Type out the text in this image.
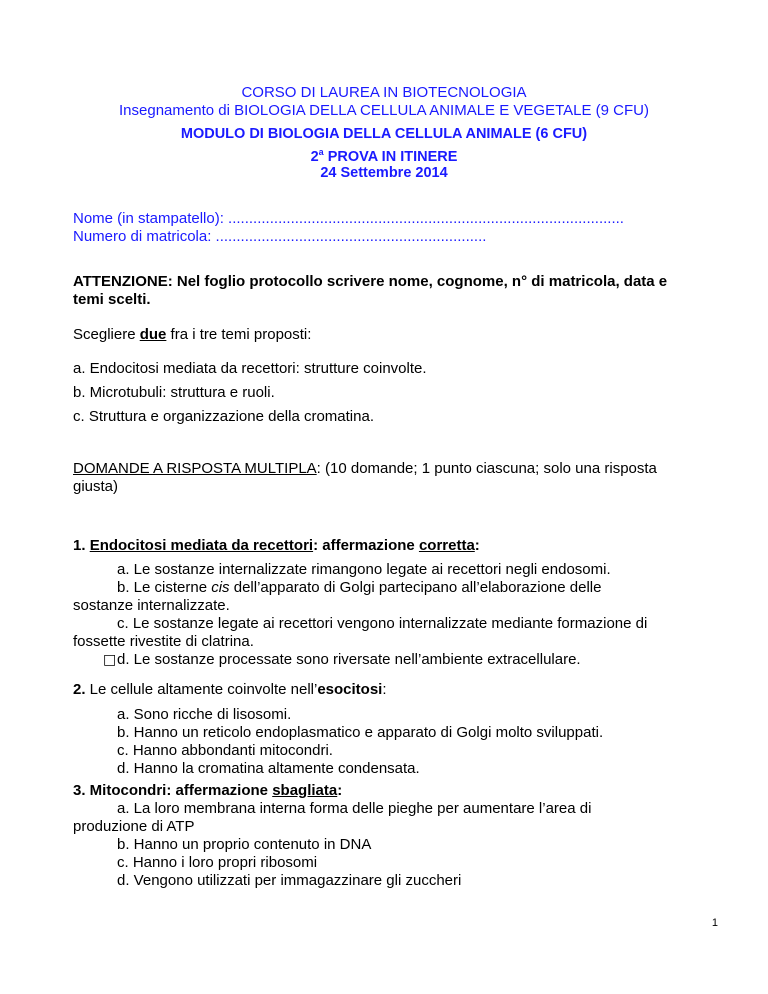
CORSO DI LAUREA IN BIOTECNOLOGIA
Insegnamento di BIOLOGIA DELLA CELLULA ANIMALE E VEGETALE (9 CFU)
MODULO DI BIOLOGIA DELLA CELLULA ANIMALE (6 CFU)
2$^a$ PROVA IN ITINERE
24 Settembre 2014
Nome (in stampatello): ...............................................................................................
Numero di matricola: .................................................................
ATTENZIONE: Nel foglio protocollo scrivere nome, cognome, n° di matricola, data e temi scelti.
Scegliere due fra i tre temi proposti:
a. Endocitosi mediata da recettori: strutture coinvolte.
b. Microtubuli: struttura e ruoli.
c. Struttura e organizzazione della cromatina.
DOMANDE A RISPOSTA MULTIPLA: (10 domande; 1 punto ciascuna; solo una risposta giusta)
1. Endocitosi mediata da recettori: affermazione corretta:
a. Le sostanze internalizzate rimangono legate ai recettori negli endosomi.
b. Le cisterne cis dell’apparato di Golgi partecipano all’elaborazione delle
sostanze internalizzate.
c. Le sostanze legate ai recettori vengono internalizzate mediante formazione di
fossette rivestite di clatrina.
□d. Le sostanze processate sono riversate nell’ambiente extracellulare.
2. Le cellule altamente coinvolte nell’esocitosi:
a. Sono ricche di lisosomi.
b. Hanno un reticolo endoplasmatico e apparato di Golgi molto sviluppati.
c. Hanno abbondanti mitocondri.
d. Hanno la cromatina altamente condensata.
3. Mitocondri: affermazione sbagliata:
a. La loro membrana interna forma delle pieghe per aumentare l’area di
produzione di ATP
b. Hanno un proprio contenuto in DNA
c. Hanno i loro propri ribosomi
d. Vengono utilizzati per immagazzinare gli zuccheri
1
